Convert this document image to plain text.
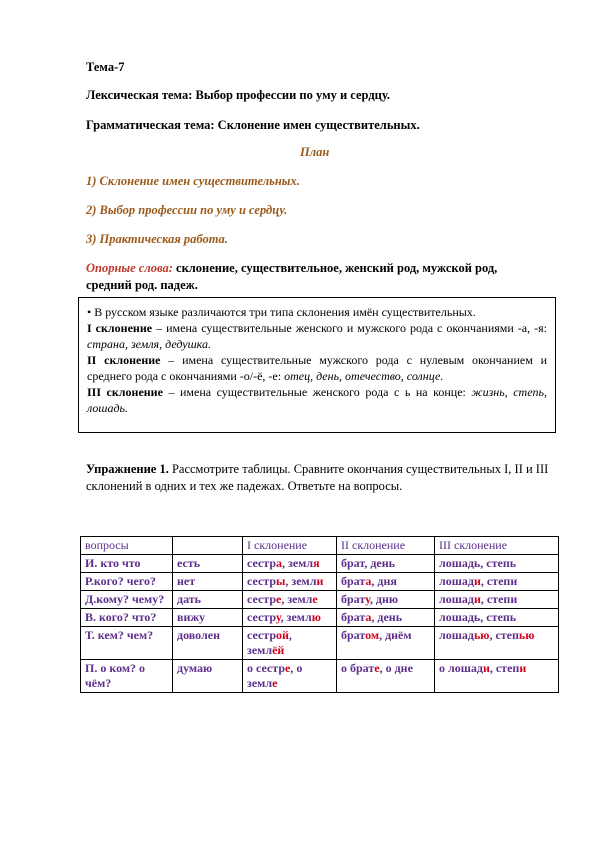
Тема-7
Лексическая тема: Выбор профессии по уму и сердцу.
Грамматическая тема: Склонение имен существительных.
План
1) Склонение имен существительных.
2) Выбор профессии по уму и сердцу.
3) Практическая работа.
Опорные слова: склонение, существительное, женский род, мужской род,
средний род. падеж.

• В русском языке различаются три типа склонения имён существительных.

I склонение – имена существительные женского и мужского рода с окончаниями -а, -я: страна, земля, дедушка.

II склонение – имена существительные мужского рода с нулевым окончанием и среднего рода с окончаниями -о/-ё, -е: отец, день, отечество, солнце.

III склонение – имена существительные женского рода с ь на конце: жизнь, степь, лошадь.

Упражнение 1. Рассмотрите таблицы. Сравните окончания существительных I, II и III склонений в одних и тех же падежах. Ответьте на вопросы.
вопросы		I склонение	II склонение	III склонение
И. кто что	есть	сестра, земля	брат, день	лошадь, степь
Р.кого? чего?	нет	сестры, земли	брата, дня	лошади, степи
Д.кому? чему?	дать	сестре, земле	брату, дню	лошади, степи
В. кого? что?	вижу	сестру, землю	брата, день	лошадь, степь
Т. кем? чем?	доволен	сестрой, землёй	братом, днём	лошадью, степью
П. о ком? о чём?	думаю	о сестре, о земле	о брате, о дне	о лошади, степи
